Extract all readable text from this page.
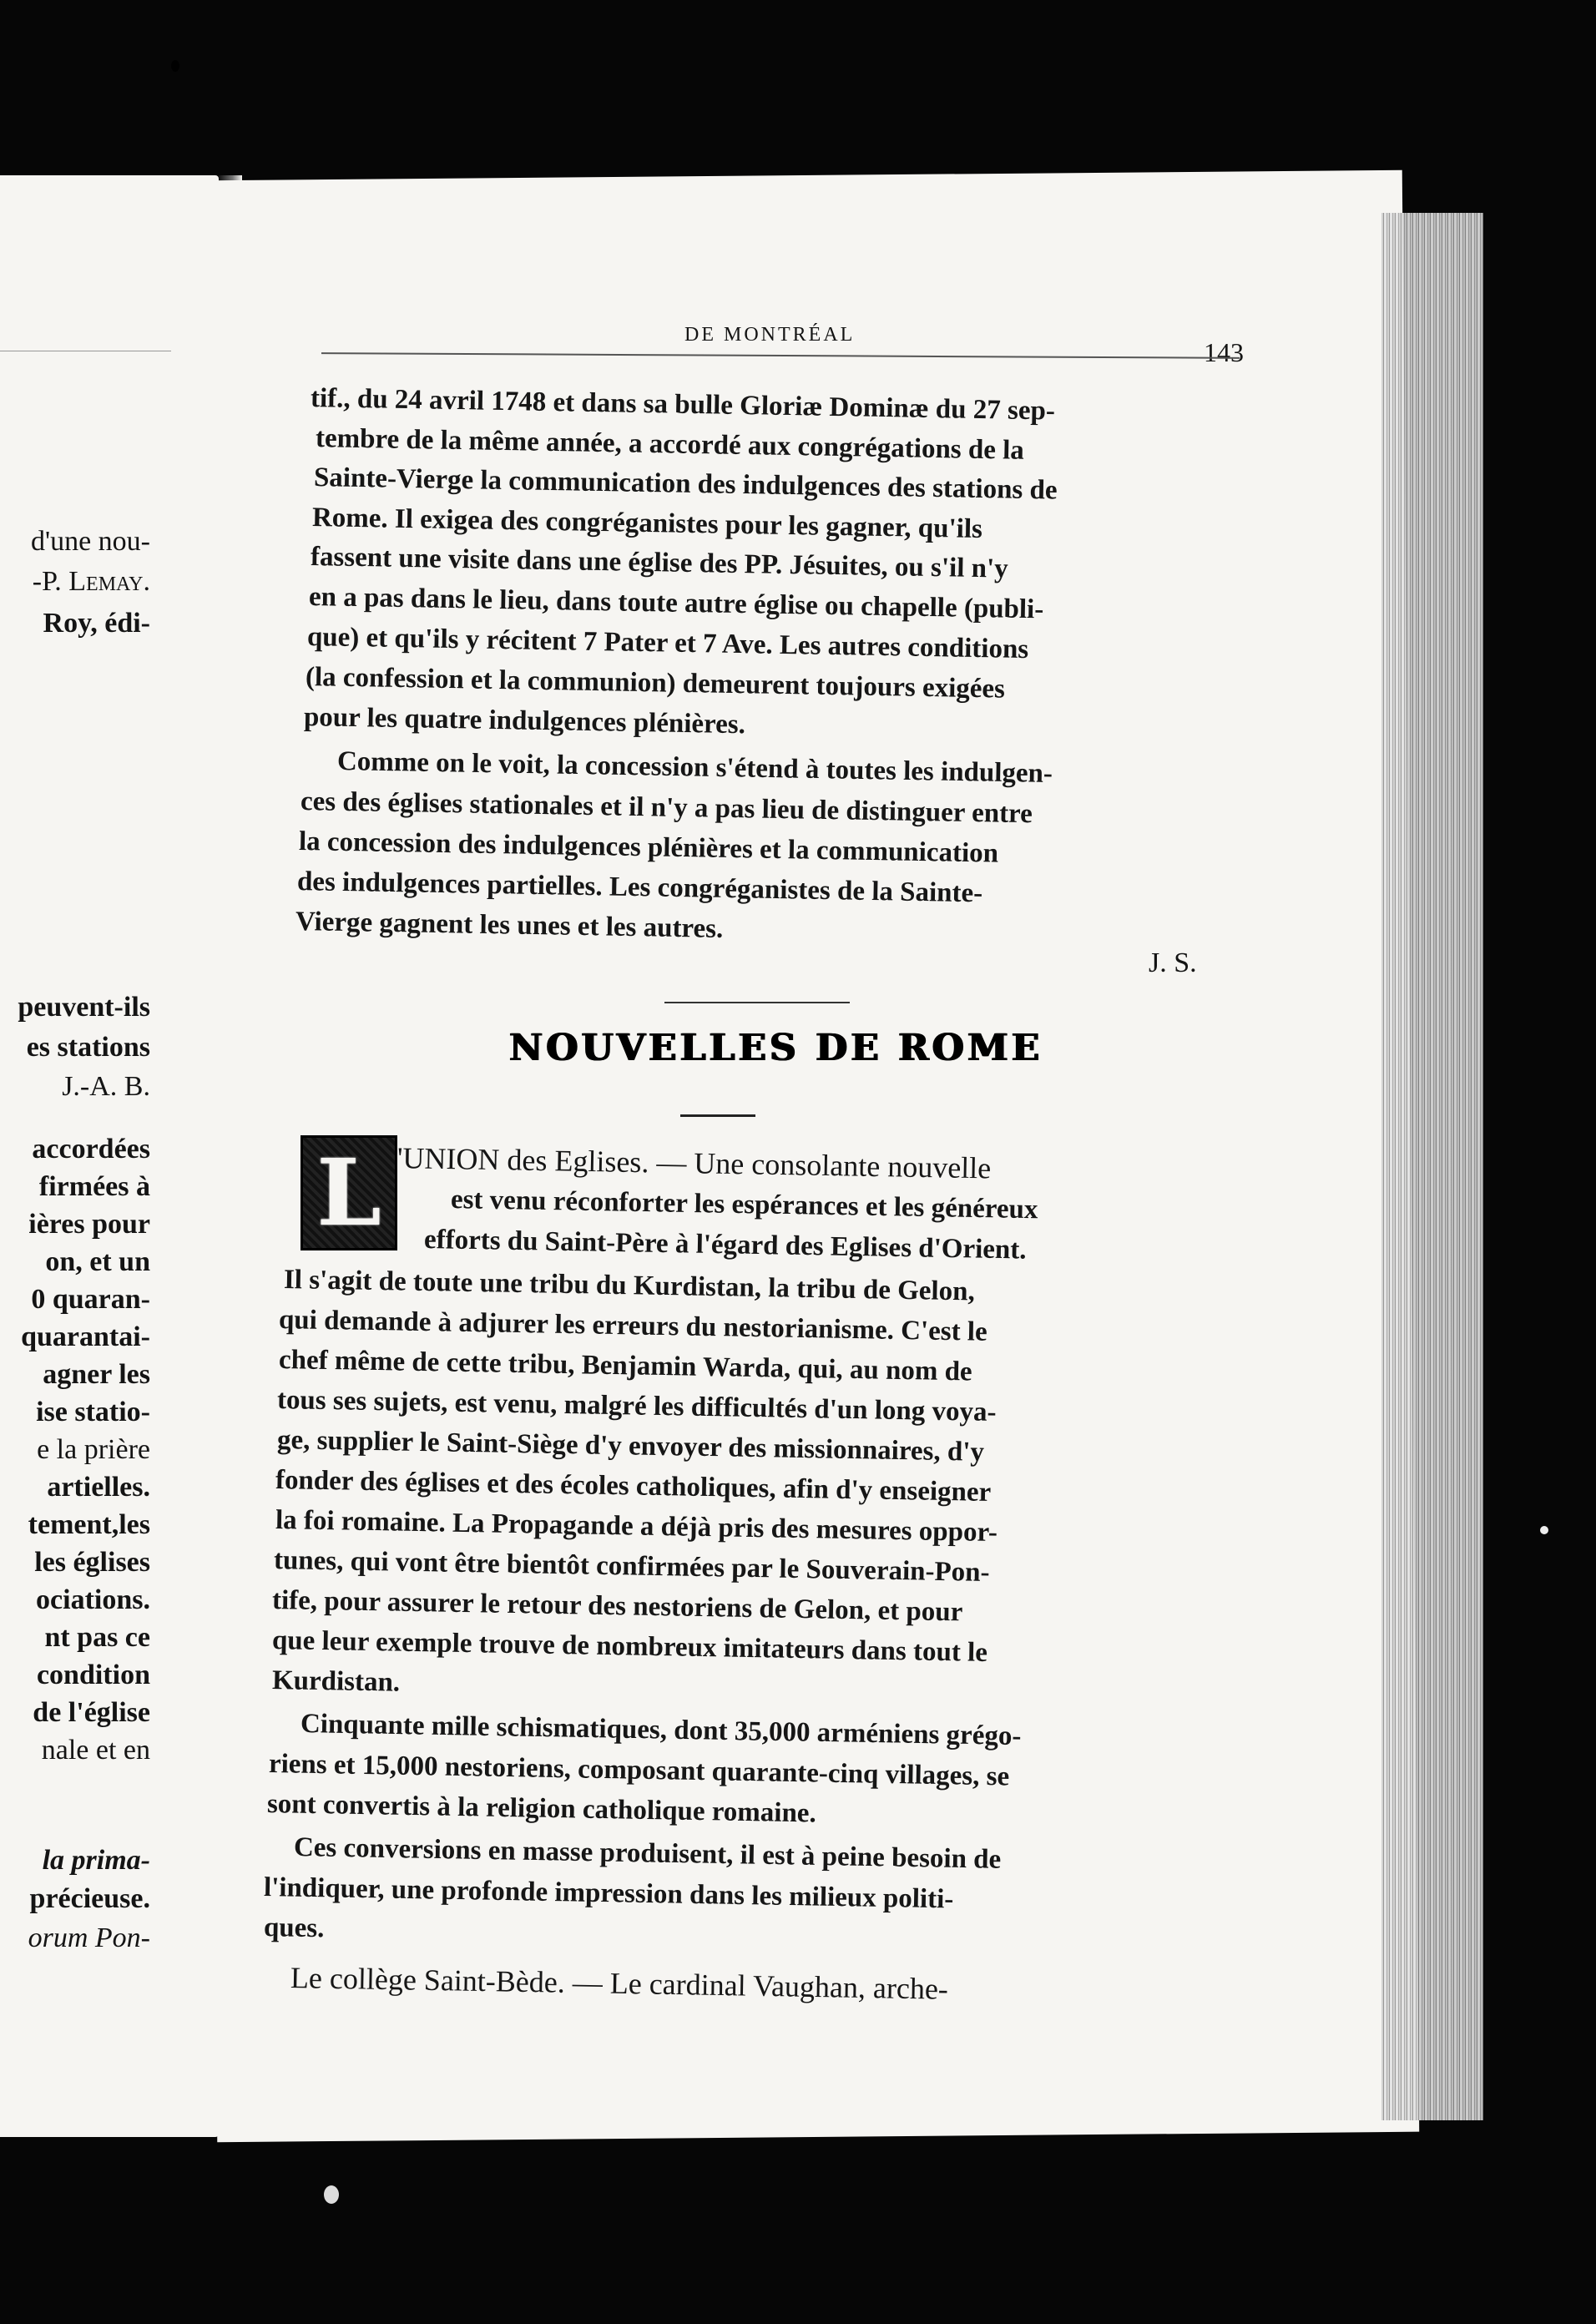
d'une nou-
-P. Lemay.
Roy, édi-
peuvent-ils
es stations
J.-A. B.
accordées
firmées à
ières pour
on, et un
0 quaran-
quarantai-
agner les
ise statio-
e la prière
artielles.
tement,les
les églises
ociations.
nt pas ce
condition
de l'église
nale et en
la prima-
précieuse.
orum Pon-
DE MONTRÉAL
143
tif., du 24 avril 1748 et dans sa bulle Gloriæ Dominæ du 27 sep-
tembre de la même année, a accordé aux congrégations de la
Sainte-Vierge la communication des indulgences des stations de
Rome. Il exigea des congréganistes pour les gagner, qu'ils
fassent une visite dans une église des PP. Jésuites, ou s'il n'y
en a pas dans le lieu, dans toute autre église ou chapelle (publi-
que) et qu'ils y récitent 7 Pater et 7 Ave. Les autres conditions
(la confession et la communion) demeurent toujours exigées
pour les quatre indulgences plénières.
Comme on le voit, la concession s'étend à toutes les indulgen-
ces des églises stationales et il n'y a pas lieu de distinguer entre
la concession des indulgences plénières et la communication
des indulgences partielles. Les congréganistes de la Sainte-
Vierge gagnent les unes et les autres.
J. S.
NOUVELLES DE ROME
L 'UNION des Eglises. — Une consolante nouvelle
est venu réconforter les espérances et les généreux
efforts du Saint-Père à l'égard des Eglises d'Orient.
Il s'agit de toute une tribu du Kurdistan, la tribu de Gelon,
qui demande à adjurer les erreurs du nestorianisme. C'est le
chef même de cette tribu, Benjamin Warda, qui, au nom de
tous ses sujets, est venu, malgré les difficultés d'un long voya-
ge, supplier le Saint-Siège d'y envoyer des missionnaires, d'y
fonder des églises et des écoles catholiques, afin d'y enseigner
la foi romaine. La Propagande a déjà pris des mesures oppor-
tunes, qui vont être bientôt confirmées par le Souverain-Pon-
tife, pour assurer le retour des nestoriens de Gelon, et pour
que leur exemple trouve de nombreux imitateurs dans tout le
Kurdistan.
Cinquante mille schismatiques, dont 35,000 arméniens grégo-
riens et 15,000 nestoriens, composant quarante-cinq villages, se
sont convertis à la religion catholique romaine.
Ces conversions en masse produisent, il est à peine besoin de
l'indiquer, une profonde impression dans les milieux politi-
ques.
Le collège Saint-Bède. — Le cardinal Vaughan, arche-
